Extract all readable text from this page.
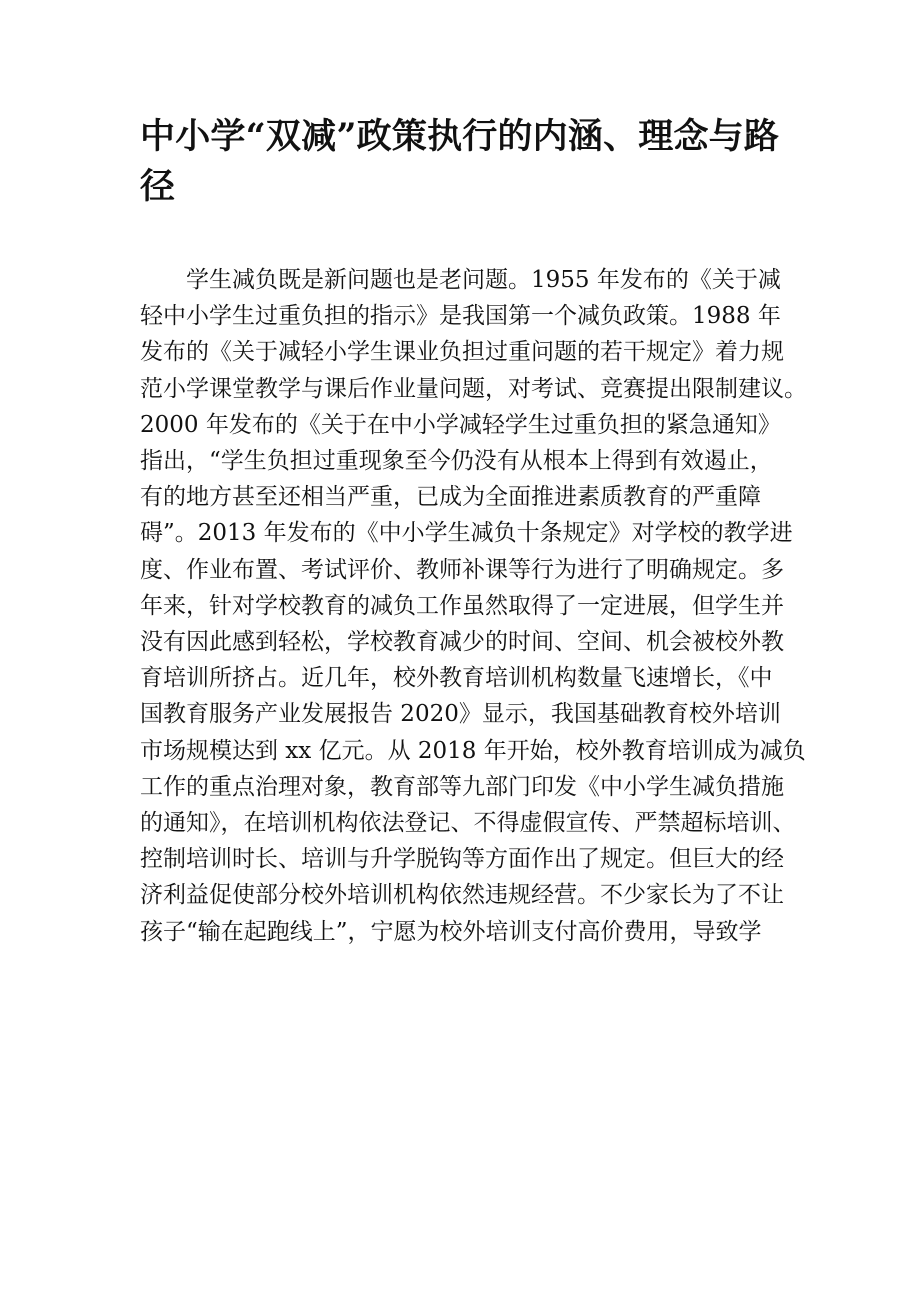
中小学“双减”政策执行的内涵、理念与路
径

学生减负既是新问题也是老问题。1955 年发布的《关于减
轻中小学生过重负担的指示》是我国第一个减负政策。1988 年
发布的《关于减轻小学生课业负担过重问题的若干规定》着力规
范小学课堂教学与课后作业量问题，对考试、竞赛提出限制建议。
2000 年发布的《关于在中小学减轻学生过重负担的紧急通知》
指出，“学生负担过重现象至今仍没有从根本上得到有效遏止，
有的地方甚至还相当严重，已成为全面推进素质教育的严重障
碍”。2013 年发布的《中小学生减负十条规定》对学校的教学进
度、作业布置、考试评价、教师补课等行为进行了明确规定。多
年来，针对学校教育的减负工作虽然取得了一定进展，但学生并
没有因此感到轻松，学校教育减少的时间、空间、机会被校外教
育培训所挤占。近几年，校外教育培训机构数量飞速增长，《中
国教育服务产业发展报告 2020》显示，我国基础教育校外培训
市场规模达到 xx 亿元。从 2018 年开始，校外教育培训成为减负
工作的重点治理对象，教育部等九部门印发《中小学生减负措施
的通知》，在培训机构依法登记、不得虚假宣传、严禁超标培训、
控制培训时长、培训与升学脱钩等方面作出了规定。但巨大的经
济利益促使部分校外培训机构依然违规经营。不少家长为了不让
孩子“输在起跑线上”，宁愿为校外培训支付高价费用，导致学
